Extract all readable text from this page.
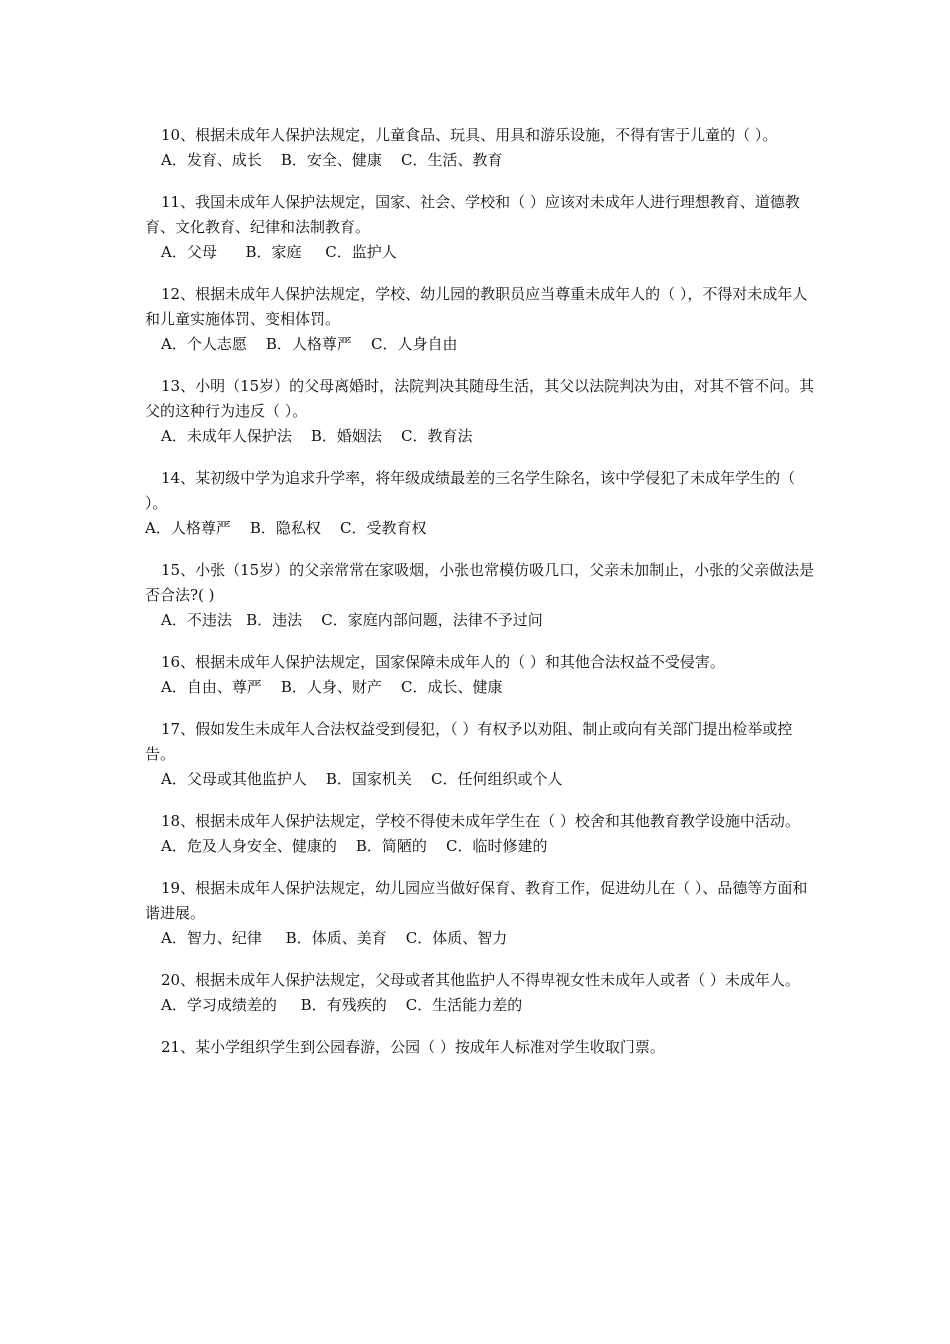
10、根据未成年人保护法规定，儿童食品、玩具、用具和游乐设施，不得有害于儿童的（ ）。

A．发育、成长    B．安全、健康    C．生活、教育

11、我国未成年人保护法规定，国家、社会、学校和（ ）应该对未成年人进行理想教育、道德教育、文化教育、纪律和法制教育。

A．父母      B．家庭     C．监护人

12、根据未成年人保护法规定，学校、幼儿园的教职员应当尊重未成年人的（ ），不得对未成年人和儿童实施体罚、变相体罚。

A．个人志愿    B．人格尊严    C．人身自由

13、小明（15岁）的父母离婚时，法院判决其随母生活，其父以法院判决为由，对其不管不问。其父的这种行为违反（ ）。

A．未成年人保护法    B．婚姻法    C．教育法

14、某初级中学为追求升学率，将年级成绩最差的三名学生除名，该中学侵犯了未成年学生的（ ）。

A．人格尊严    B．隐私权    C．受教育权

15、小张（15岁）的父亲常常在家吸烟，小张也常模仿吸几口，父亲未加制止，小张的父亲做法是否合法?( )

A．不违法   B．违法    C．家庭内部问题，法律不予过问

16、根据未成年人保护法规定，国家保障未成年人的（ ）和其他合法权益不受侵害。

A．自由、尊严    B．人身、财产    C．成长、健康

17、假如发生未成年人合法权益受到侵犯，（ ）有权予以劝阻、制止或向有关部门提出检举或控告。

A．父母或其他监护人    B．国家机关    C．任何组织或个人

18、根据未成年人保护法规定，学校不得使未成年学生在（ ）校舍和其他教育教学设施中活动。

A．危及人身安全、健康的    B．简陋的    C．临时修建的

19、根据未成年人保护法规定，幼儿园应当做好保育、教育工作，促进幼儿在（ ）、品德等方面和谐进展。

A．智力、纪律     B．体质、美育    C．体质、智力

20、根据未成年人保护法规定，父母或者其他监护人不得卑视女性未成年人或者（ ）未成年人。

A．学习成绩差的     B．有残疾的    C．生活能力差的

21、某小学组织学生到公园春游，公园（ ）按成年人标准对学生收取门票。
